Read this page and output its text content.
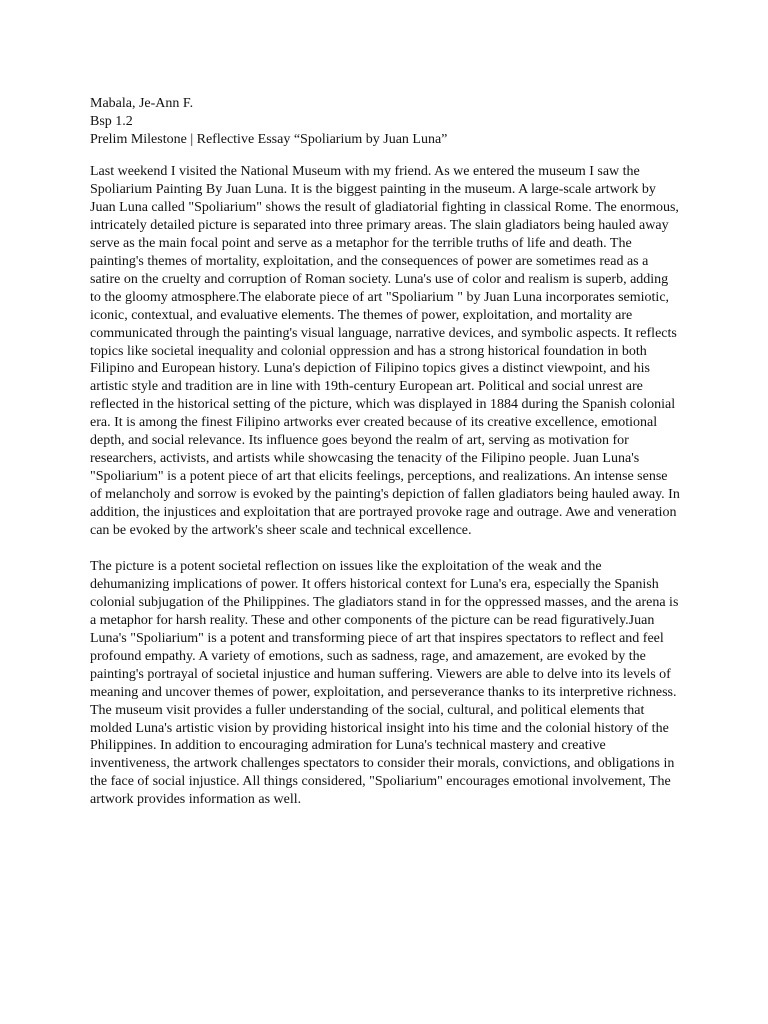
Mabala, Je-Ann F.
Bsp 1.2
Prelim Milestone | Reflective Essay “Spoliarium by Juan Luna”

Last weekend I visited the National Museum with my friend. As we entered the museum I saw the Spoliarium Painting By Juan Luna. It is the biggest painting in the museum. A large-scale artwork by Juan Luna called "Spoliarium" shows the result of gladiatorial fighting in classical Rome. The enormous, intricately detailed picture is separated into three primary areas. The slain gladiators being hauled away serve as the main focal point and serve as a metaphor for the terrible truths of life and death. The painting's themes of mortality, exploitation, and the consequences of power are sometimes read as a satire on the cruelty and corruption of Roman society. Luna's use of color and realism is superb, adding to the gloomy atmosphere.The elaborate piece of art "Spoliarium " by Juan Luna incorporates semiotic, iconic, contextual, and evaluative elements. The themes of power, exploitation, and mortality are communicated through the painting's visual language, narrative devices, and symbolic aspects. It reflects topics like societal inequality and colonial oppression and has a strong historical foundation in both Filipino and European history. Luna's depiction of Filipino topics gives a distinct viewpoint, and his artistic style and tradition are in line with 19th-century European art. Political and social unrest are reflected in the historical setting of the picture, which was displayed in 1884 during the Spanish colonial era. It is among the finest Filipino artworks ever created because of its creative excellence, emotional depth, and social relevance. Its influence goes beyond the realm of art, serving as motivation for researchers, activists, and artists while showcasing the tenacity of the Filipino people. Juan Luna's "Spoliarium" is a potent piece of art that elicits feelings, perceptions, and realizations. An intense sense of melancholy and sorrow is evoked by the painting's depiction of fallen gladiators being hauled away. In addition, the injustices and exploitation that are portrayed provoke rage and outrage. Awe and veneration can be evoked by the artwork's sheer scale and technical excellence.

The picture is a potent societal reflection on issues like the exploitation of the weak and the dehumanizing implications of power. It offers historical context for Luna's era, especially the Spanish colonial subjugation of the Philippines. The gladiators stand in for the oppressed masses, and the arena is a metaphor for harsh reality. These and other components of the picture can be read figuratively.Juan Luna's "Spoliarium" is a potent and transforming piece of art that inspires spectators to reflect and feel profound empathy. A variety of emotions, such as sadness, rage, and amazement, are evoked by the painting's portrayal of societal injustice and human suffering. Viewers are able to delve into its levels of meaning and uncover themes of power, exploitation, and perseverance thanks to its interpretive richness. The museum visit provides a fuller understanding of the social, cultural, and political elements that molded Luna's artistic vision by providing historical insight into his time and the colonial history of the Philippines. In addition to encouraging admiration for Luna's technical mastery and creative inventiveness, the artwork challenges spectators to consider their morals, convictions, and obligations in the face of social injustice. All things considered, "Spoliarium" encourages emotional involvement, The artwork provides information as well.
